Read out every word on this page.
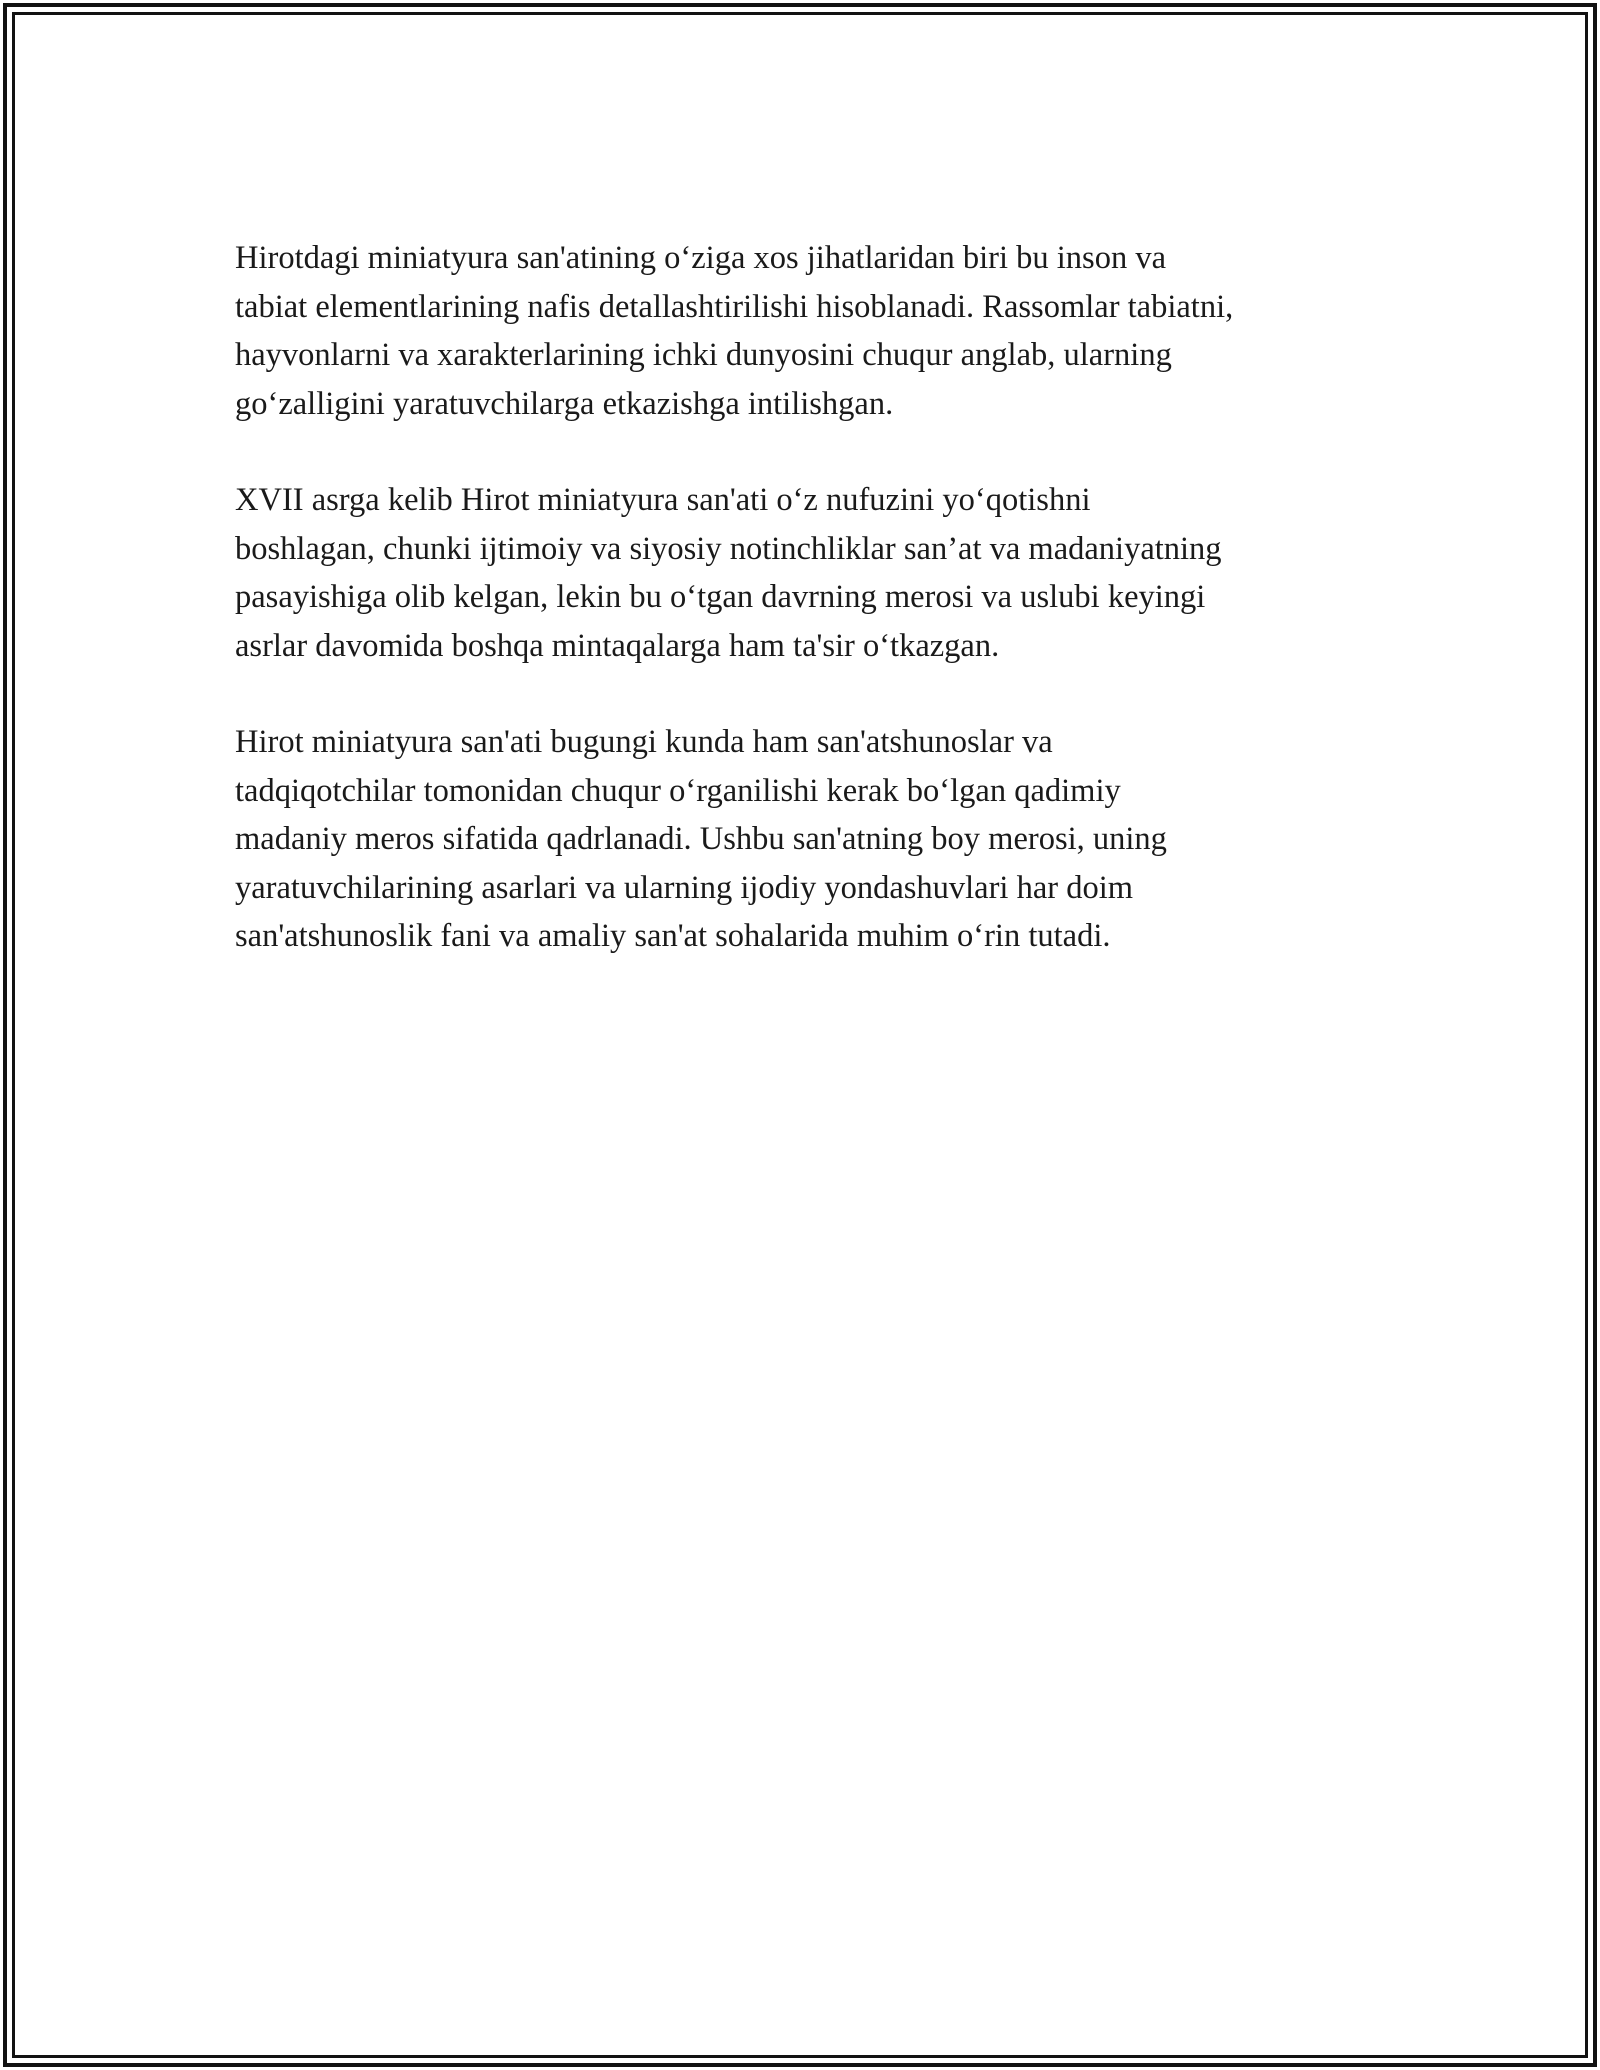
Hirotdagi miniatyura san'atining o‘ziga xos jihatlaridan biri bu inson va
tabiat elementlarining nafis detallashtirilishi hisoblanadi. Rassomlar tabiatni,
hayvonlarni va xarakterlarining ichki dunyosini chuqur anglab, ularning
go‘zalligini yaratuvchilarga etkazishga intilishgan.

XVII asrga kelib Hirot miniatyura san'ati o‘z nufuzini yo‘qotishni
boshlagan, chunki ijtimoiy va siyosiy notinchliklar san’at va madaniyatning
pasayishiga olib kelgan, lekin bu o‘tgan davrning merosi va uslubi keyingi
asrlar davomida boshqa mintaqalarga ham ta'sir o‘tkazgan.

Hirot miniatyura san'ati bugungi kunda ham san'atshunoslar va
tadqiqotchilar tomonidan chuqur o‘rganilishi kerak bo‘lgan qadimiy
madaniy meros sifatida qadrlanadi. Ushbu san'atning boy merosi, uning
yaratuvchilarining asarlari va ularning ijodiy yondashuvlari har doim
san'atshunoslik fani va amaliy san'at sohalarida muhim o‘rin tutadi.
